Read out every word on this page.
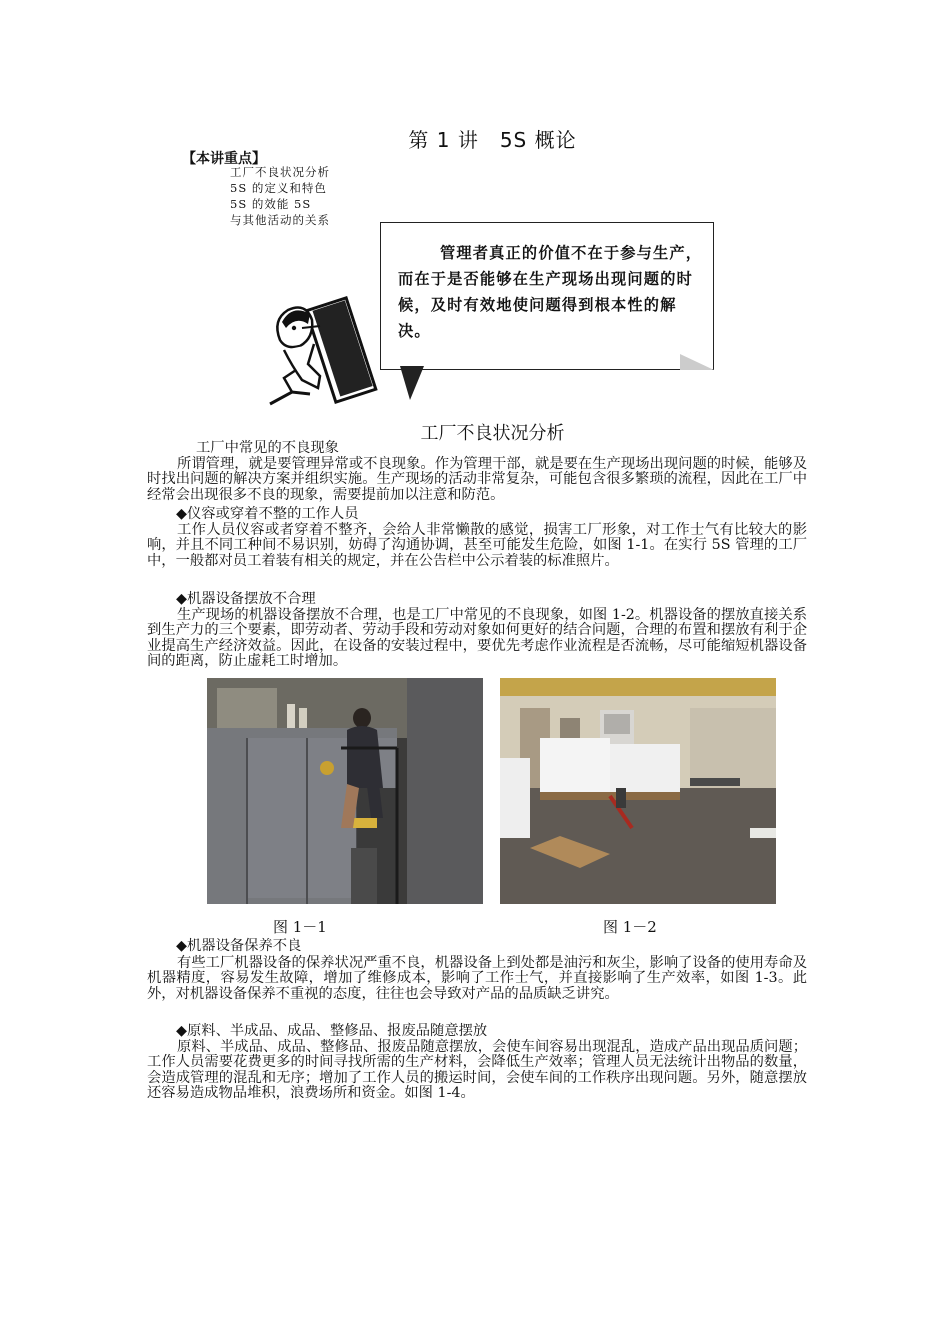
第 1 讲　5S 概论
【本讲重点】
工厂不良状况分析
5S 的定义和特色
5S 的效能 5S
与其他活动的关系
管理者真正的价值不在于参与生产，而在于是否能够在生产现场出现问题的时候，及时有效地使问题得到根本性的解决。
工厂不良状况分析
工厂中常见的不良现象
所谓管理，就是要管理异常或不良现象。作为管理干部，就是要在生产现场出现问题的时候，能够及时找出问题的解决方案并组织实施。生产现场的活动非常复杂，可能包含很多繁琐的流程，因此在工厂中经常会出现很多不良的现象，需要提前加以注意和防范。
◆仪容或穿着不整的工作人员
工作人员仪容或者穿着不整齐，会给人非常懒散的感觉，损害工厂形象，对工作士气有比较大的影响，并且不同工种间不易识别，妨碍了沟通协调，甚至可能发生危险，如图 1-1。在实行 5S 管理的工厂中，一般都对员工着装有相关的规定，并在公告栏中公示着装的标准照片。
◆机器设备摆放不合理
生产现场的机器设备摆放不合理，也是工厂中常见的不良现象，如图 1-2。机器设备的摆放直接关系到生产力的三个要素，即劳动者、劳动手段和劳动对象如何更好的结合问题，合理的布置和摆放有利于企业提高生产经济效益。因此，在设备的安装过程中，要优先考虑作业流程是否流畅，尽可能缩短机器设备间的距离，防止虚耗工时增加。
图 1－1	图 1－2
◆机器设备保养不良
有些工厂机器设备的保养状况严重不良，机器设备上到处都是油污和灰尘，影响了设备的使用寿命及机器精度，容易发生故障，增加了维修成本，影响了工作士气，并直接影响了生产效率，如图 1-3。此外，对机器设备保养不重视的态度，往往也会导致对产品的品质缺乏讲究。
◆原料、半成品、成品、整修品、报废品随意摆放
原料、半成品、成品、整修品、报废品随意摆放，会使车间容易出现混乱，造成产品出现品质问题；工作人员需要花费更多的时间寻找所需的生产材料，会降低生产效率；管理人员无法统计出物品的数量，会造成管理的混乱和无序；增加了工作人员的搬运时间，会使车间的工作秩序出现问题。另外，随意摆放还容易造成物品堆积，浪费场所和资金。如图 1-4。
